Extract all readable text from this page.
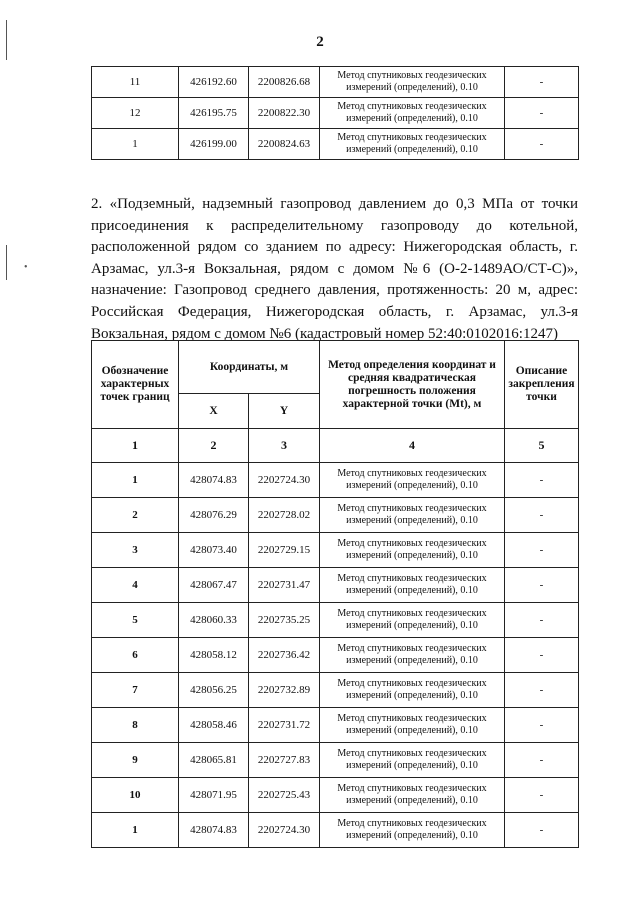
•
2
11	426192.60	2200826.68	Метод спутниковых геодезических измерений (определений), 0.10	-
12	426195.75	2200822.30	Метод спутниковых геодезических измерений (определений), 0.10	-
1	426199.00	2200824.63	Метод спутниковых геодезических измерений (определений), 0.10	-

2. «Подземный, надземный газопровод давлением до 0,3 МПа от точки присоединения к распределительному газопроводу до котельной, расположенной рядом со зданием по адресу: Нижегородская область, г. Арзамас, ул.3-я Вокзальная, рядом с домом №6 (О-2-1489АО/СТ-С)», назначение: Газопровод среднего давления, протяженность: 20 м, адрес: Российская Федерация, Нижегородская область, г. Арзамас, ул.3-я Вокзальная, рядом с домом №6 (кадастровый номер 52:40:0102016:1247)

Обозначение характерных точек границ	Координаты, м		Метод определения координат и средняя квадратическая погрешность положения характерной точки (Mt), м	Описание закрепления точки
	X	Y		
1	2	3	4	5
1	428074.83	2202724.30	Метод спутниковых геодезических измерений (определений), 0.10	-
2	428076.29	2202728.02	Метод спутниковых геодезических измерений (определений), 0.10	-
3	428073.40	2202729.15	Метод спутниковых геодезических измерений (определений), 0.10	-
4	428067.47	2202731.47	Метод спутниковых геодезических измерений (определений), 0.10	-
5	428060.33	2202735.25	Метод спутниковых геодезических измерений (определений), 0.10	-
6	428058.12	2202736.42	Метод спутниковых геодезических измерений (определений), 0.10	-
7	428056.25	2202732.89	Метод спутниковых геодезических измерений (определений), 0.10	-
8	428058.46	2202731.72	Метод спутниковых геодезических измерений (определений), 0.10	-
9	428065.81	2202727.83	Метод спутниковых геодезических измерений (определений), 0.10	-
10	428071.95	2202725.43	Метод спутниковых геодезических измерений (определений), 0.10	-
1	428074.83	2202724.30	Метод спутниковых геодезических измерений (определений), 0.10	-
